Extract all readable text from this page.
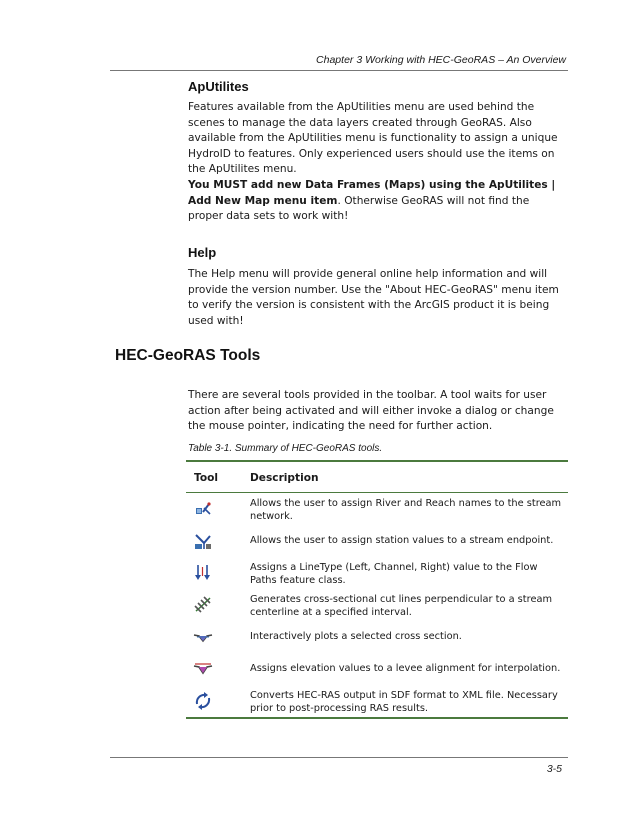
Chapter 3 Working with HEC-GeoRAS – An Overview
ApUtilites

Features available from the ApUtilities menu are used behind the scenes to manage the data layers created through GeoRAS. Also available from the ApUtilities menu is functionality to assign a unique HydroID to features. Only experienced users should use the items on the ApUtilites menu.

You MUST add new Data Frames (Maps) using the ApUtilites | Add New Map menu item. Otherwise GeoRAS will not find the proper data sets to work with!

Help

The Help menu will provide general online help information and will provide the version number. Use the "About HEC-GeoRAS" menu item to verify the version is consistent with the ArcGIS product it is being used with!

HEC-GeoRAS Tools

There are several tools provided in the toolbar. A tool waits for user action after being activated and will either invoke a dialog or change the mouse pointer, indicating the need for further action.

Table 3-1. Summary of HEC-GeoRAS tools.
Tool	Description
Allows the user to assign River and Reach names to the stream network.
Allows the user to assign station values to a stream endpoint.
Assigns a LineType (Left, Channel, Right) value to the Flow Paths feature class.
Generates cross-sectional cut lines perpendicular to a stream centerline at a specified interval.
Interactively plots a selected cross section.
Assigns elevation values to a levee alignment for interpolation.
Converts HEC-RAS output in SDF format to XML file. Necessary prior to post-processing RAS results.
3-5
